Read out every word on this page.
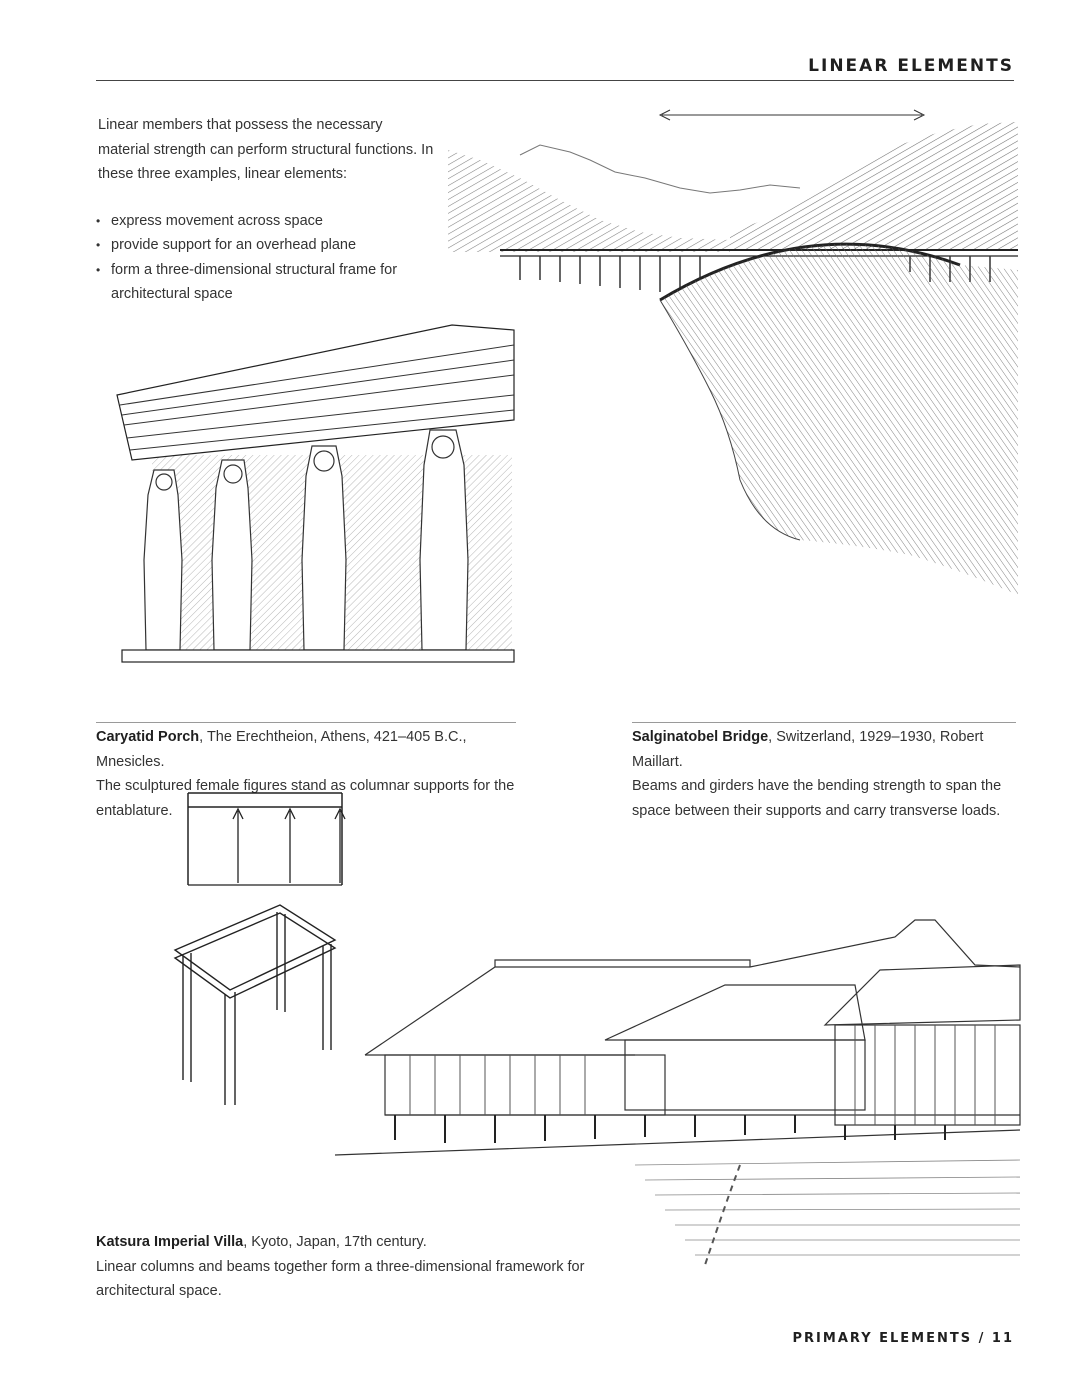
LINEAR ELEMENTS

Linear members that possess the necessary material strength can perform structural functions. In these three examples, linear elements:

• express movement across space
• provide support for an overhead plane
• form a three-dimensional structural frame for architectural space
Caryatid Porch, The Erechtheion, Athens, 421–405 B.C., Mnesicles.
The sculptured female figures stand as columnar supports for the entablature.
Salginatobel Bridge, Switzerland, 1929–1930, Robert Maillart.
Beams and girders have the bending strength to span the space between their supports and carry transverse loads.
Katsura Imperial Villa, Kyoto, Japan, 17th century.
Linear columns and beams together form a three-dimensional framework for architectural space.
PRIMARY ELEMENTS / 11
